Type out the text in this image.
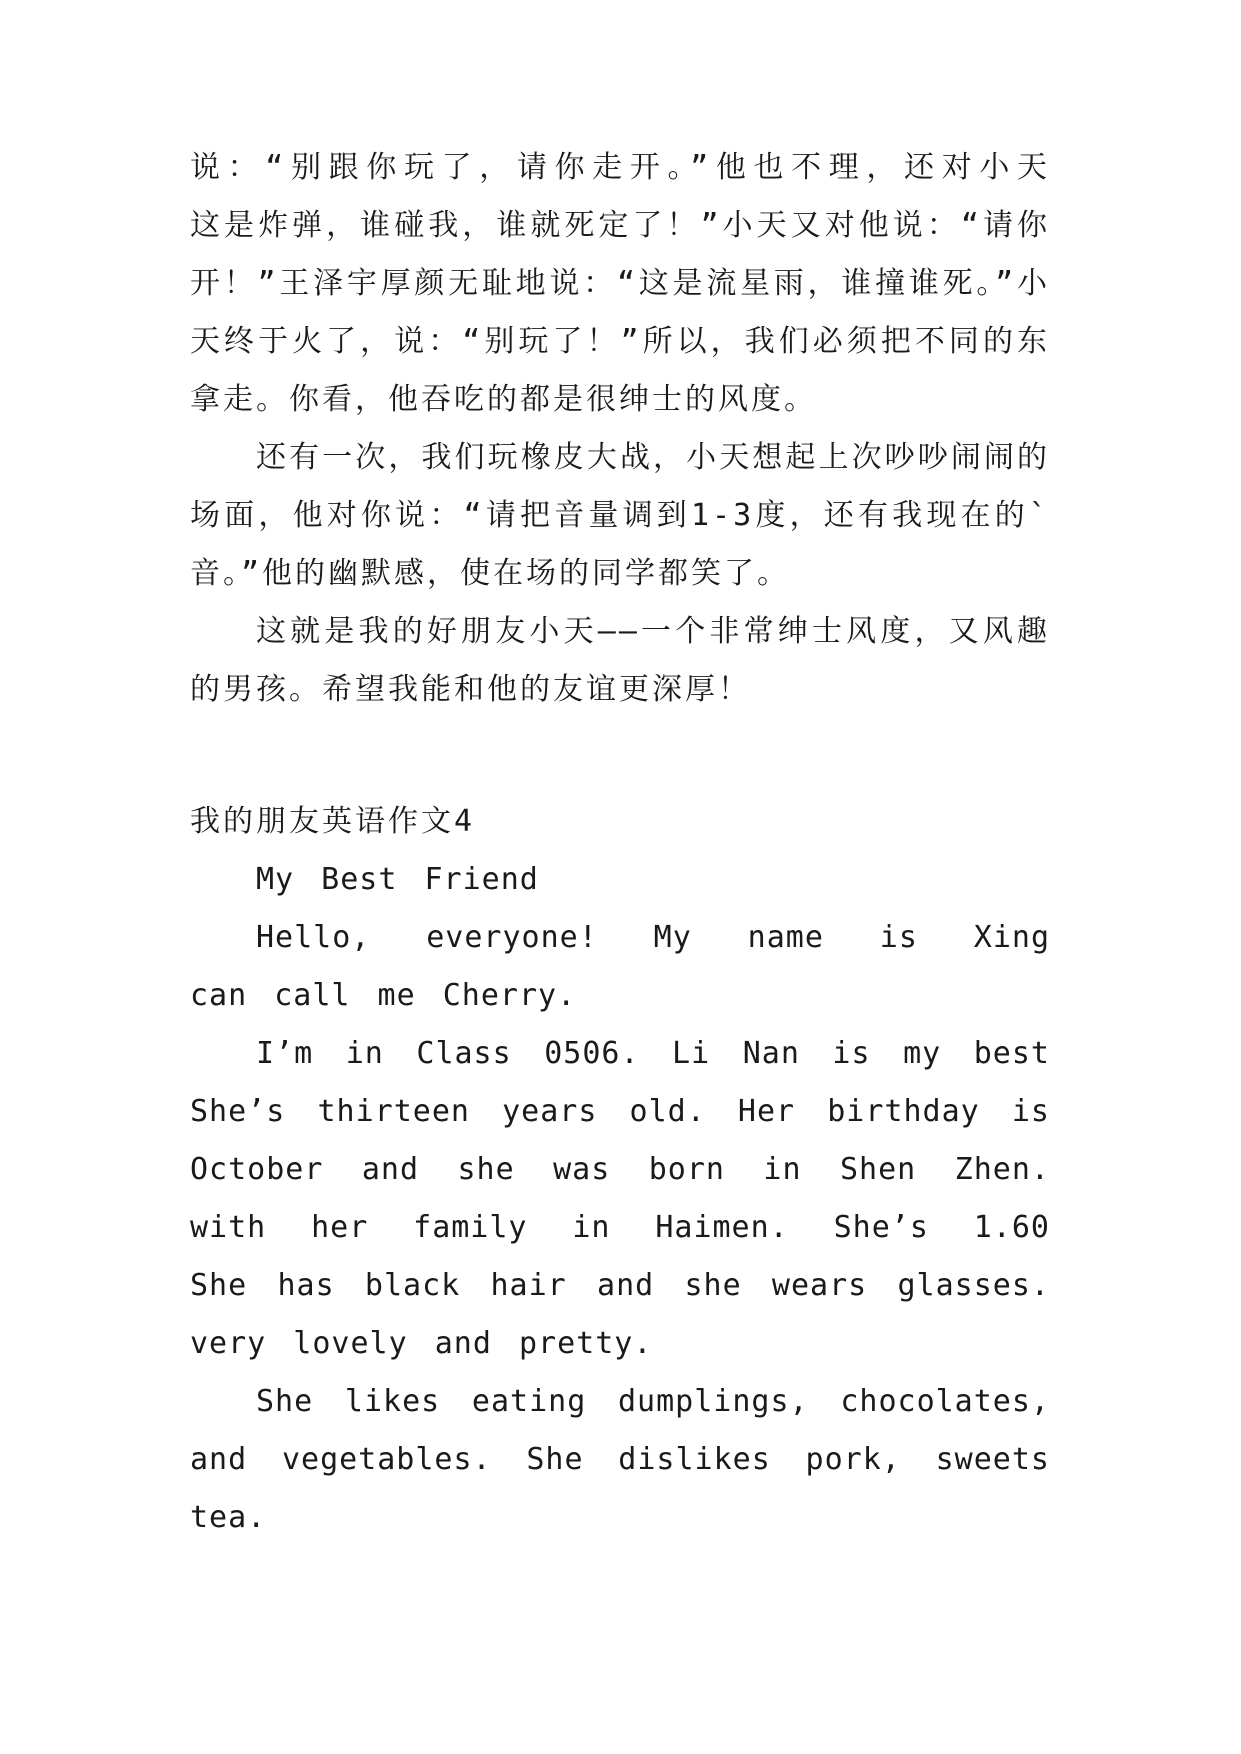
说：“别跟你玩了，请你走开。”他也不理，还对小天
这是炸弹，谁碰我，谁就死定了！”小天又对他说：“请你
开！”王泽宇厚颜无耻地说：“这是流星雨，谁撞谁死。”小
天终于火了，说：“别玩了！”所以，我们必须把不同的东
拿走。你看，他吞吃的都是很绅士的风度。
还有一次，我们玩橡皮大战，小天想起上次吵吵闹闹的
场面，他对你说：“请把音量调到1-3度，还有我现在的`
音。”他的幽默感，使在场的同学都笑了。
这就是我的好朋友小天——一个非常绅士风度，又风趣
的男孩。希望我能和他的友谊更深厚！
我的朋友英语作文4
My Best Friend
Hello, everyone! My name is Xing
can call me Cherry.
I’m in Class 0506. Li Nan is my best
She’s thirteen years old. Her birthday is
October and she was born in Shen Zhen.
with her family in Haimen. She’s 1.60
She has black hair and she wears glasses.
very lovely and pretty.
She likes eating dumplings, chocolates,
and vegetables. She dislikes pork, sweets
tea.
